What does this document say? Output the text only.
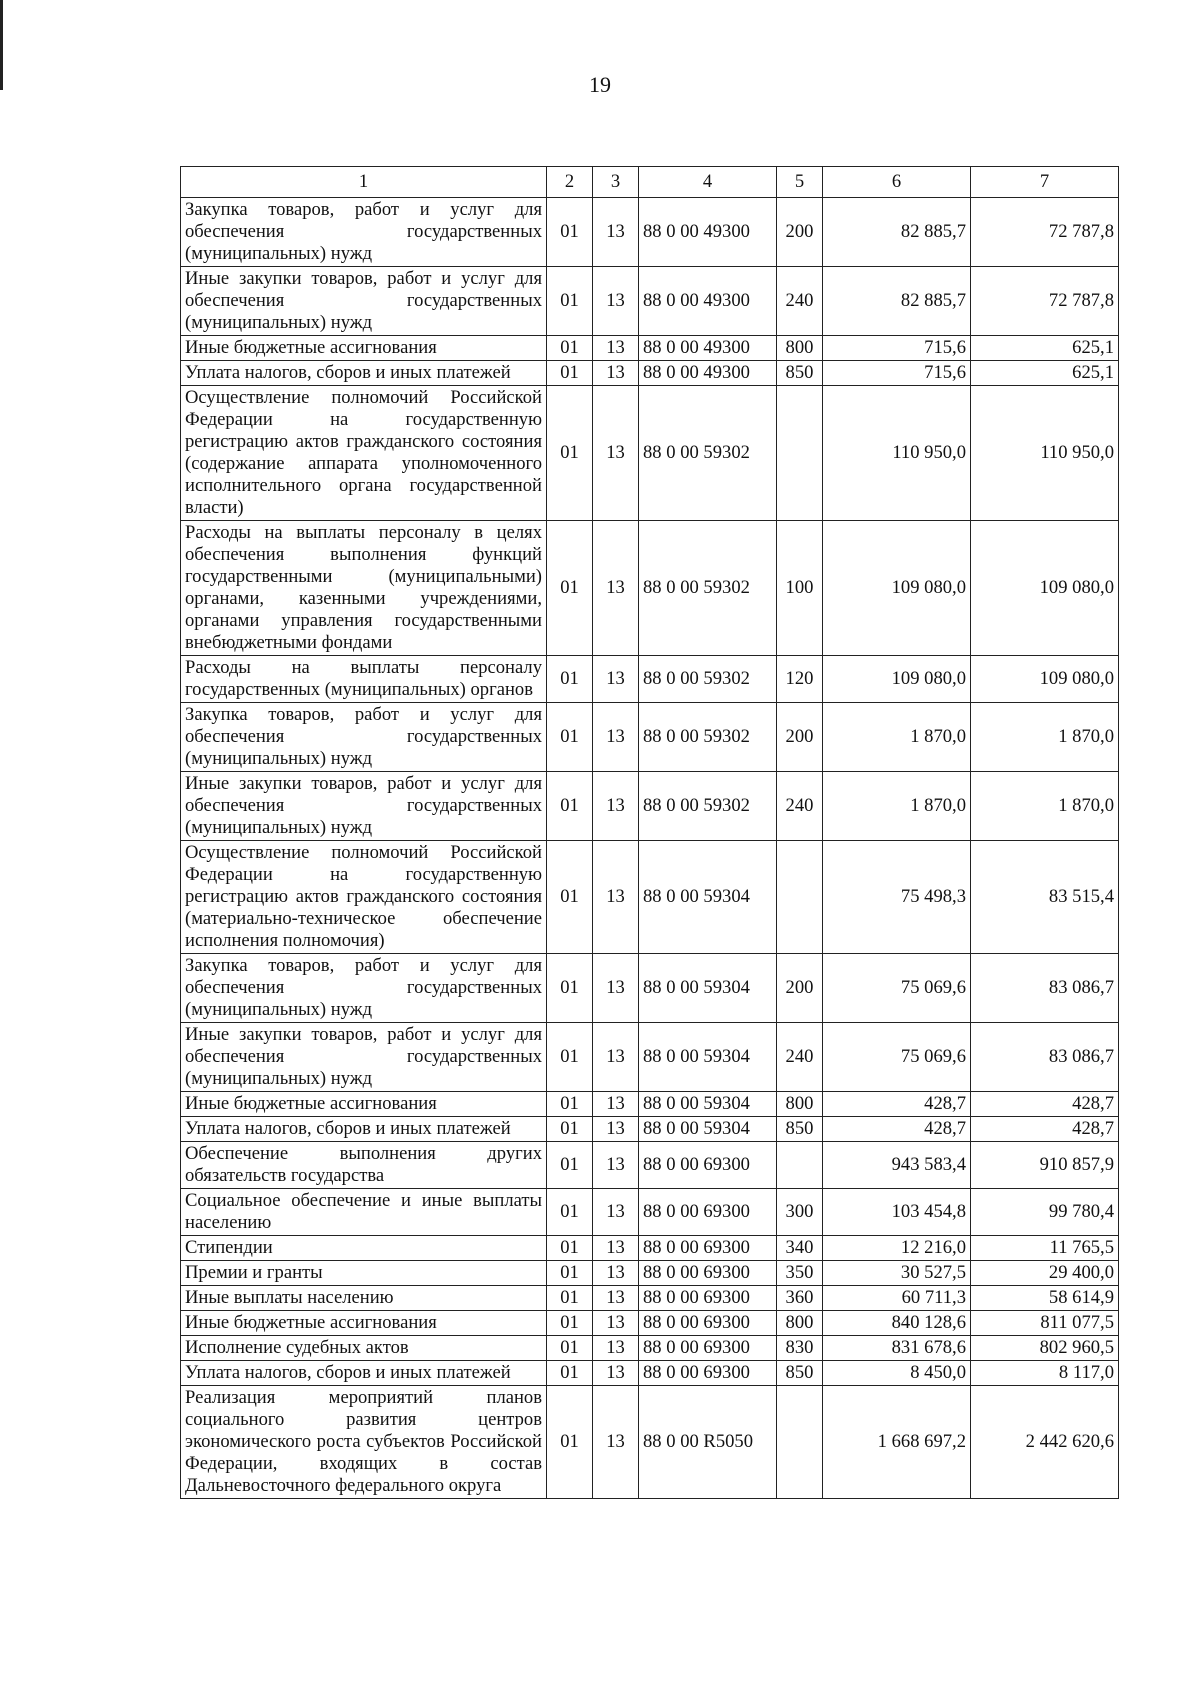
19
1	2	3	4	5	6	7
Закупка товаров, работ и услуг для обеспечения государственных (муниципальных) нужд	01	13	88 0 00 49300	200	82 885,7	72 787,8
Иные закупки товаров, работ и услуг для обеспечения государственных (муниципальных) нужд	01	13	88 0 00 49300	240	82 885,7	72 787,8
Иные бюджетные ассигнования	01	13	88 0 00 49300	800	715,6	625,1
Уплата налогов, сборов и иных платежей	01	13	88 0 00 49300	850	715,6	625,1
Осуществление полномочий Российской Федерации на государственную регистрацию актов гражданского состояния (содержание аппарата уполномоченного исполнительного органа государственной власти)	01	13	88 0 00 59302		110 950,0	110 950,0
Расходы на выплаты персоналу в целях обеспечения выполнения функций государственными (муниципальными) органами, казенными учреждениями, органами управления государственными внебюджетными фондами	01	13	88 0 00 59302	100	109 080,0	109 080,0
Расходы на выплаты персоналу государственных (муниципальных) органов	01	13	88 0 00 59302	120	109 080,0	109 080,0
Закупка товаров, работ и услуг для обеспечения государственных (муниципальных) нужд	01	13	88 0 00 59302	200	1 870,0	1 870,0
Иные закупки товаров, работ и услуг для обеспечения государственных (муниципальных) нужд	01	13	88 0 00 59302	240	1 870,0	1 870,0
Осуществление полномочий Российской Федерации на государственную регистрацию актов гражданского состояния (материально-техническое обеспечение исполнения полномочия)	01	13	88 0 00 59304		75 498,3	83 515,4
Закупка товаров, работ и услуг для обеспечения государственных (муниципальных) нужд	01	13	88 0 00 59304	200	75 069,6	83 086,7
Иные закупки товаров, работ и услуг для обеспечения государственных (муниципальных) нужд	01	13	88 0 00 59304	240	75 069,6	83 086,7
Иные бюджетные ассигнования	01	13	88 0 00 59304	800	428,7	428,7
Уплата налогов, сборов и иных платежей	01	13	88 0 00 59304	850	428,7	428,7
Обеспечение выполнения других обязательств государства	01	13	88 0 00 69300		943 583,4	910 857,9
Социальное обеспечение и иные выплаты населению	01	13	88 0 00 69300	300	103 454,8	99 780,4
Стипендии	01	13	88 0 00 69300	340	12 216,0	11 765,5
Премии и гранты	01	13	88 0 00 69300	350	30 527,5	29 400,0
Иные выплаты населению	01	13	88 0 00 69300	360	60 711,3	58 614,9
Иные бюджетные ассигнования	01	13	88 0 00 69300	800	840 128,6	811 077,5
Исполнение судебных актов	01	13	88 0 00 69300	830	831 678,6	802 960,5
Уплата налогов, сборов и иных платежей	01	13	88 0 00 69300	850	8 450,0	8 117,0
Реализация мероприятий планов социального развития центров экономического роста субъектов Российской Федерации, входящих в состав Дальневосточного федерального округа	01	13	88 0 00 R5050		1 668 697,2	2 442 620,6
